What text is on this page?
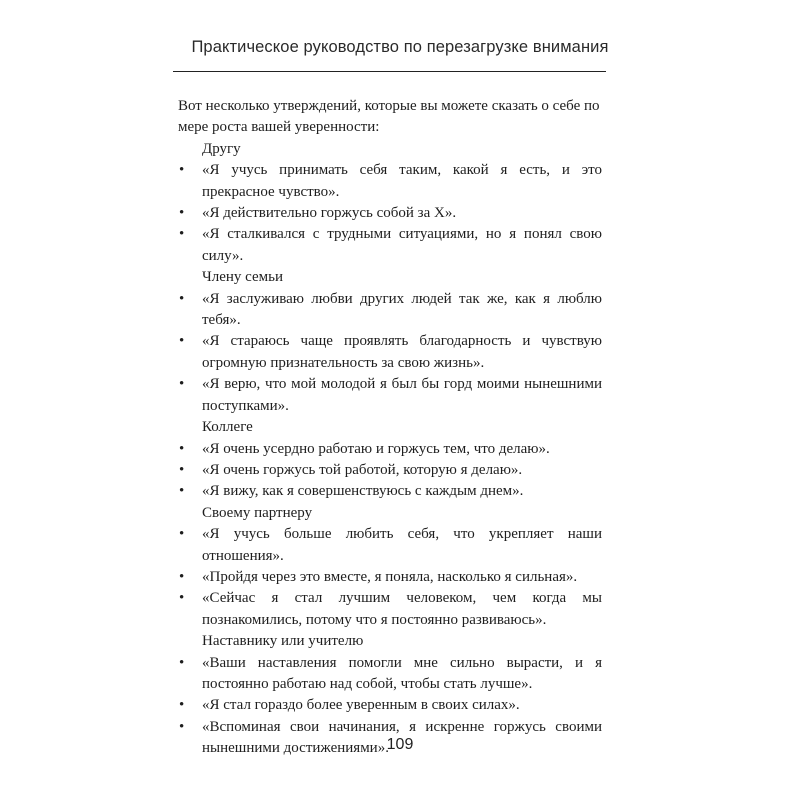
Практическое руководство по перезагрузке внимания

Вот несколько утверждений, которые вы можете сказать о себе по мере роста вашей уверенности:

Другу

• «Я учусь принимать себя таким, какой я есть, и это прекрасное чувство».

• «Я действительно горжусь собой за Х».

• «Я сталкивался с трудными ситуациями, но я понял свою силу».

Члену семьи

• «Я заслуживаю любви других людей так же, как я люблю тебя».

• «Я стараюсь чаще проявлять благодарность и чувствую огромную признательность за свою жизнь».

• «Я верю, что мой молодой я был бы горд моими нынешними поступками».

Коллеге

• «Я очень усердно работаю и горжусь тем, что делаю».

• «Я очень горжусь той работой, которую я делаю».

• «Я вижу, как я совершенствуюсь с каждым днем».

Своему партнеру

• «Я учусь больше любить себя, что укрепляет наши отношения».

• «Пройдя через это вместе, я поняла, насколько я сильная».

• «Сейчас я стал лучшим человеком, чем когда мы познакомились, потому что я постоянно развиваюсь».

Наставнику или учителю

• «Ваши наставления помогли мне сильно вырасти, и я постоянно работаю над собой, чтобы стать лучше».

• «Я стал гораздо более уверенным в своих силах».

• «Вспоминая свои начинания, я искренне горжусь своими нынешними достижениями».

109
